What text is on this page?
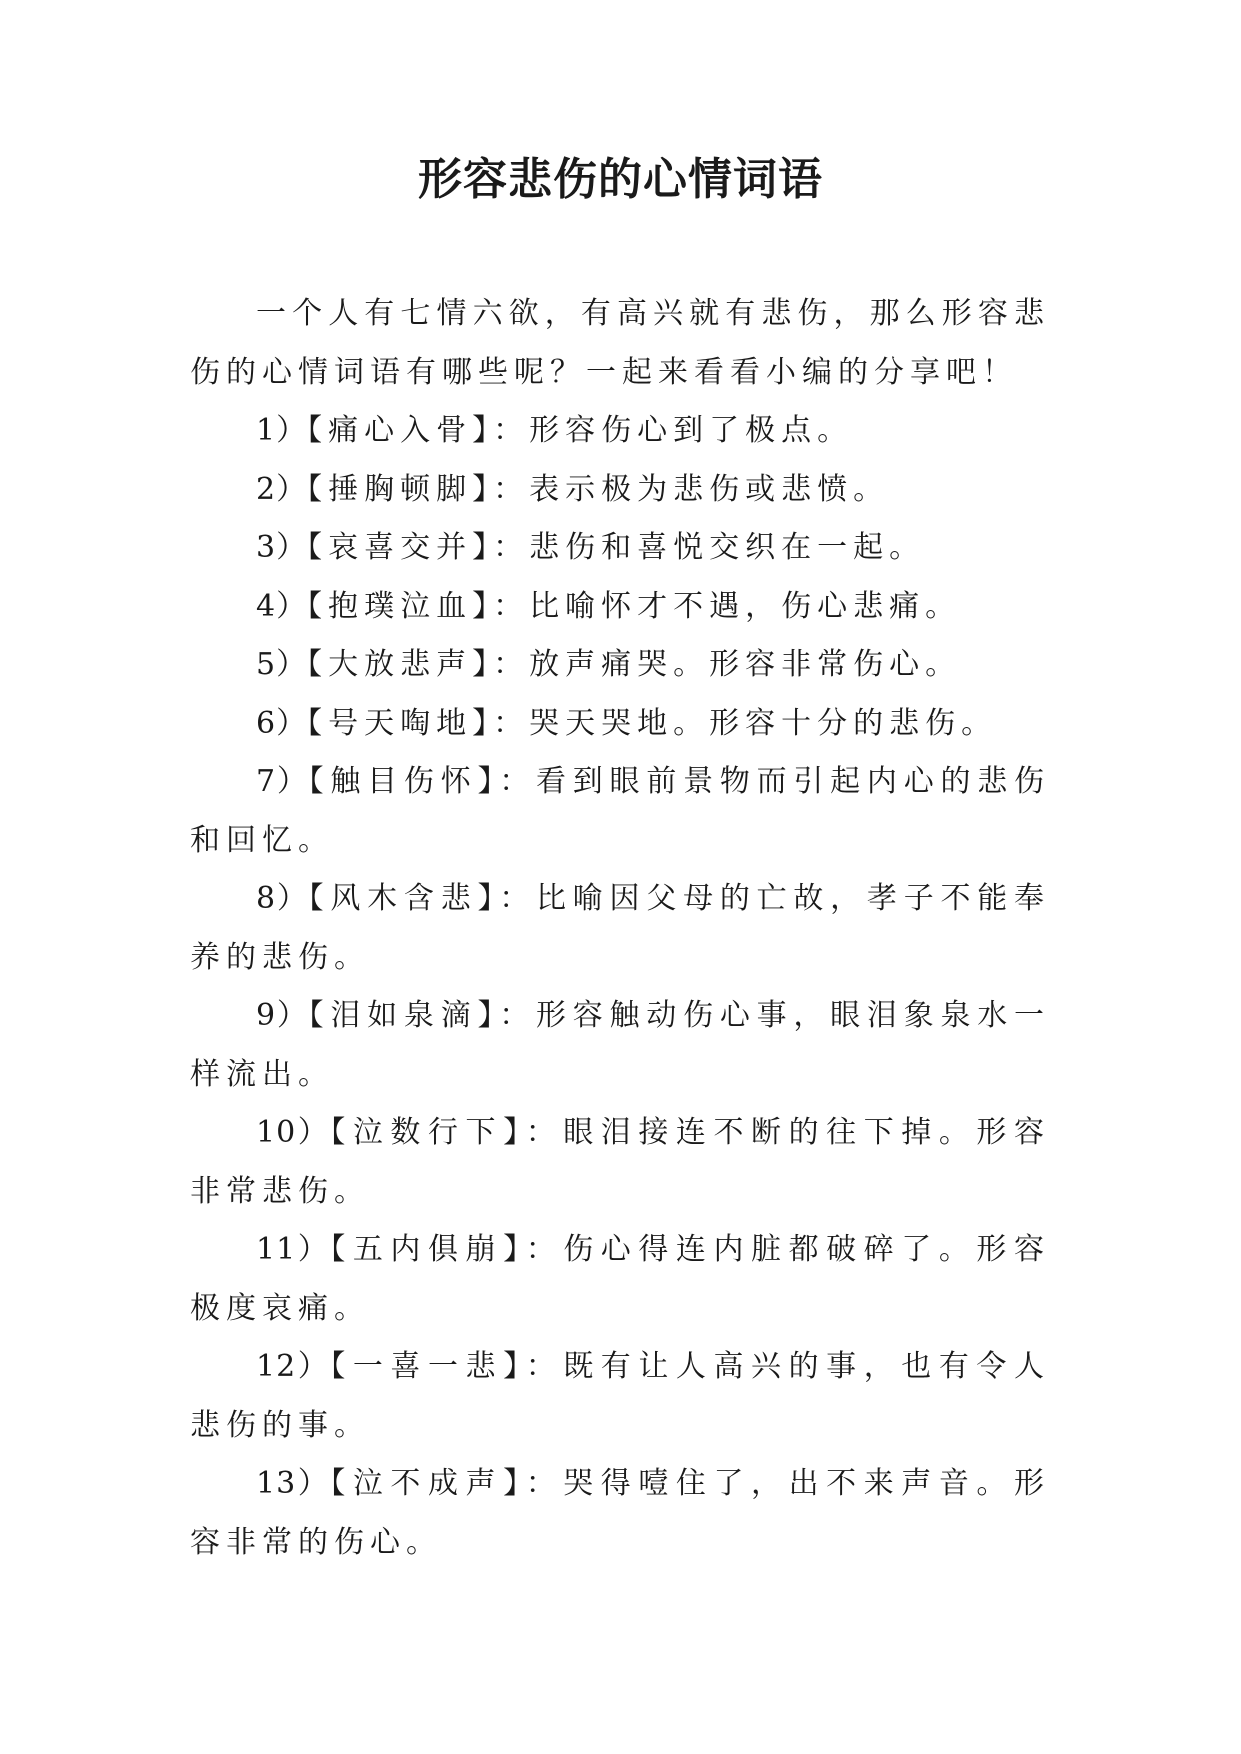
形容悲伤的心情词语

一个人有七情六欲，有高兴就有悲伤，那么形容悲伤的心情词语有哪些呢？一起来看看小编的分享吧！

1）【痛心入骨】：形容伤心到了极点。

2）【捶胸顿脚】：表示极为悲伤或悲愤。

3）【哀喜交并】：悲伤和喜悦交织在一起。

4）【抱璞泣血】：比喻怀才不遇，伤心悲痛。

5）【大放悲声】：放声痛哭。形容非常伤心。

6）【号天啕地】：哭天哭地。形容十分的悲伤。

7）【触目伤怀】：看到眼前景物而引起内心的悲伤和回忆。

8）【风木含悲】：比喻因父母的亡故，孝子不能奉养的悲伤。

9）【泪如泉滴】：形容触动伤心事，眼泪象泉水一样流出。

10）【泣数行下】：眼泪接连不断的往下掉。形容非常悲伤。

11）【五内俱崩】：伤心得连内脏都破碎了。形容极度哀痛。

12）【一喜一悲】：既有让人高兴的事，也有令人悲伤的事。

13）【泣不成声】：哭得噎住了，出不来声音。形容非常的伤心。
